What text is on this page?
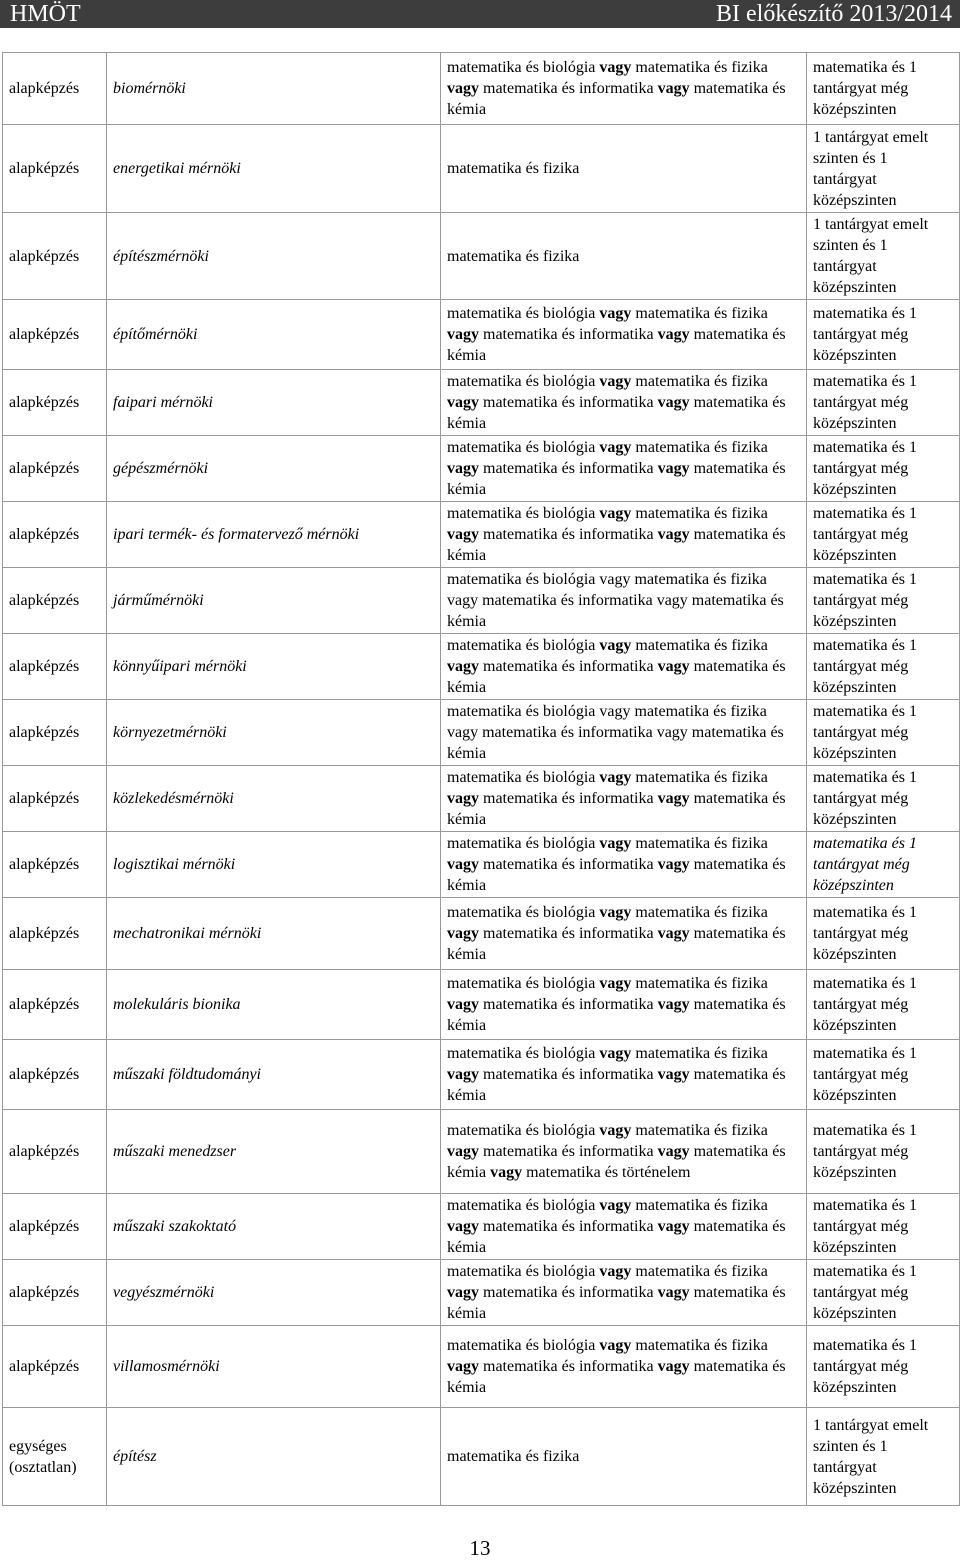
HMÖT	BI előkészítő 2013/2014
alapképzés	biomérnöki	matematika és biológia vagy matematika és fizika vagy matematika és informatika vagy matematika és kémia	matematika és 1 tantárgyat még középszinten
alapképzés	energetikai mérnöki	matematika és fizika	1 tantárgyat emelt szinten és 1 tantárgyat középszinten
alapképzés	építészmérnöki	matematika és fizika	1 tantárgyat emelt szinten és 1 tantárgyat középszinten
alapképzés	építőmérnöki	matematika és biológia vagy matematika és fizika vagy matematika és informatika vagy matematika és kémia	matematika és 1 tantárgyat még középszinten
alapképzés	faipari mérnöki	matematika és biológia vagy matematika és fizika vagy matematika és informatika vagy matematika és kémia	matematika és 1 tantárgyat még középszinten
alapképzés	gépészmérnöki	matematika és biológia vagy matematika és fizika vagy matematika és informatika vagy matematika és kémia	matematika és 1 tantárgyat még középszinten
alapképzés	ipari termék- és formatervező mérnöki	matematika és biológia vagy matematika és fizika vagy matematika és informatika vagy matematika és kémia	matematika és 1 tantárgyat még középszinten
alapképzés	járműmérnöki	matematika és biológia vagy matematika és fizika vagy matematika és informatika vagy matematika és kémia	matematika és 1 tantárgyat még középszinten
alapképzés	könnyűipari mérnöki	matematika és biológia vagy matematika és fizika vagy matematika és informatika vagy matematika és kémia	matematika és 1 tantárgyat még középszinten
alapképzés	környezetmérnöki	matematika és biológia vagy matematika és fizika vagy matematika és informatika vagy matematika és kémia	matematika és 1 tantárgyat még középszinten
alapképzés	közlekedésmérnöki	matematika és biológia vagy matematika és fizika vagy matematika és informatika vagy matematika és kémia	matematika és 1 tantárgyat még középszinten
alapképzés	logisztikai mérnöki	matematika és biológia vagy matematika és fizika vagy matematika és informatika vagy matematika és kémia	matematika és 1 tantárgyat még középszinten
alapképzés	mechatronikai mérnöki	matematika és biológia vagy matematika és fizika vagy matematika és informatika vagy matematika és kémia	matematika és 1 tantárgyat még középszinten
alapképzés	molekuláris bionika	matematika és biológia vagy matematika és fizika vagy matematika és informatika vagy matematika és kémia	matematika és 1 tantárgyat még középszinten
alapképzés	műszaki földtudományi	matematika és biológia vagy matematika és fizika vagy matematika és informatika vagy matematika és kémia	matematika és 1 tantárgyat még középszinten
alapképzés	műszaki menedzser	matematika és biológia vagy matematika és fizika vagy matematika és informatika vagy matematika és kémia vagy matematika és történelem	matematika és 1 tantárgyat még középszinten
alapképzés	műszaki szakoktató	matematika és biológia vagy matematika és fizika vagy matematika és informatika vagy matematika és kémia	matematika és 1 tantárgyat még középszinten
alapképzés	vegyészmérnöki	matematika és biológia vagy matematika és fizika vagy matematika és informatika vagy matematika és kémia	matematika és 1 tantárgyat még középszinten
alapképzés	villamosmérnöki	matematika és biológia vagy matematika és fizika vagy matematika és informatika vagy matematika és kémia	matematika és 1 tantárgyat még középszinten
egységes (osztatlan)	építész	matematika és fizika	1 tantárgyat emelt szinten és 1 tantárgyat középszinten
13
